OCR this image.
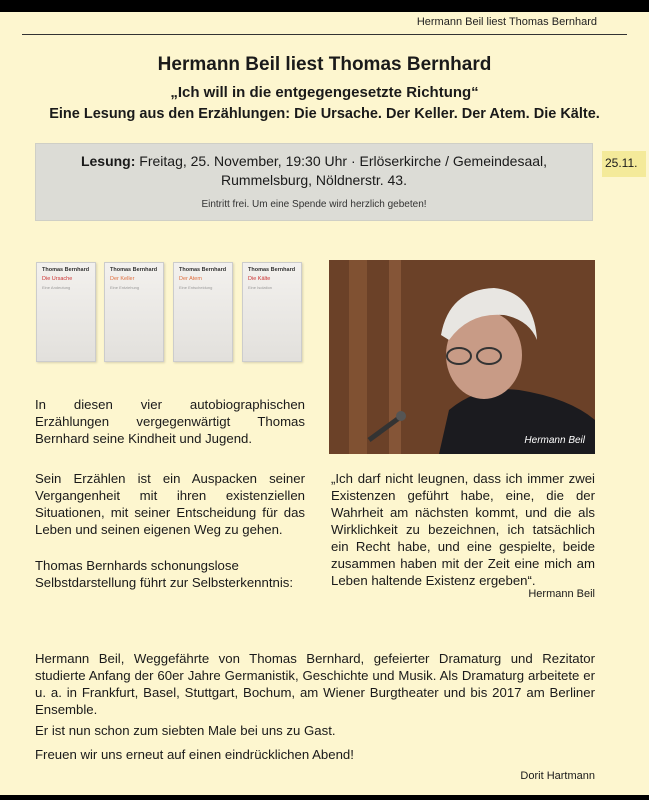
Hermann Beil liest Thomas Bernhard
Hermann Beil liest Thomas Bernhard
„Ich will in die entgegengesetzte Richtung“
Eine Lesung aus den Erzählungen: Die Ursache. Der Keller. Der Atem. Die Kälte.
Lesung: Freitag, 25. November, 19:30 Uhr · Erlöserkirche / Gemeindesaal,
Rummelsburg, Nöldnerstr. 43.
Eintritt frei. Um eine Spende wird herzlich gebeten!
25.11.
Thomas Bernhard
Die Ursache
Eine Andeutung
Thomas Bernhard
Der Keller
Eine Entziehung
Thomas Bernhard
Der Atem
Eine Entscheidung
Thomas Bernhard
Die Kälte
Eine Isolation
Hermann Beil
In diesen vier autobiographischen Erzählungen vergegenwärtigt Thomas Bernhard seine Kindheit und Jugend.
Sein Erzählen ist ein Auspacken seiner Vergangenheit mit ihren existenziellen Situationen, mit seiner Entscheidung für das Leben und seinen eigenen Weg zu gehen.
Thomas Bernhards schonungslose Selbstdarstellung führt zur Selbsterkenntnis:
„Ich darf nicht leugnen, dass ich immer zwei Existenzen geführt habe, eine, die der Wahrheit am nächsten kommt, und die als Wirklichkeit zu bezeichnen, ich tatsächlich ein Recht habe, und eine gespielte, beide zusammen haben mit der Zeit eine mich am Leben haltende Existenz ergeben“.
Hermann Beil
Hermann Beil, Weggefährte von Thomas Bernhard, gefeierter Dramaturg und Rezitator studierte Anfang der 60er Jahre Germanistik, Geschichte und Musik. Als Dramaturg arbeitete er u. a. in Frankfurt, Basel, Stuttgart, Bochum, am Wiener Burgtheater und bis 2017 am Berliner Ensemble.
Er ist nun schon zum siebten Male bei uns zu Gast.
Freuen wir uns erneut auf einen eindrücklichen Abend!
Dorit Hartmann
